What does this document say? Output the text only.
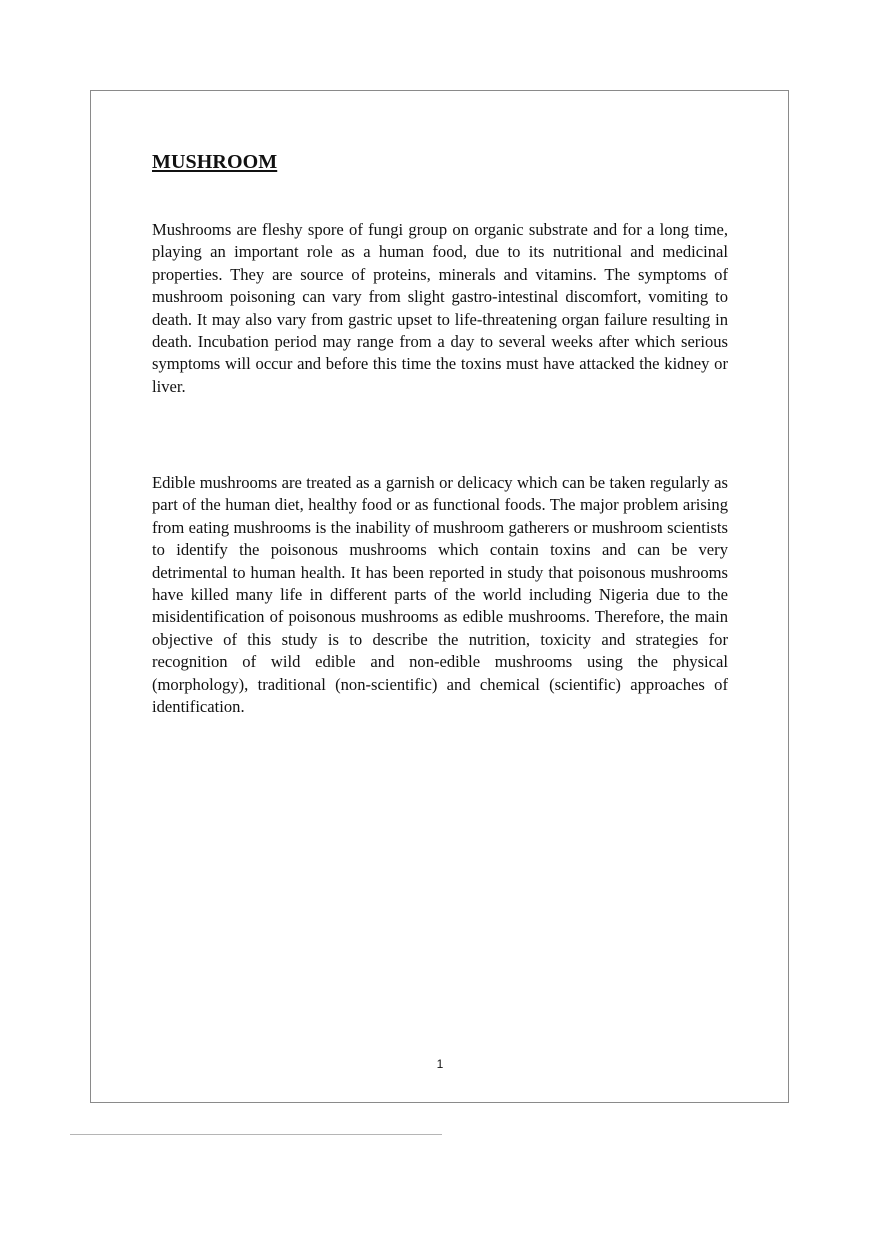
MUSHROOM

Mushrooms are fleshy spore of fungi group on organic substrate and for a long time, playing an important role as a human food, due to its nutritional and medicinal properties. They are source of proteins, minerals and vitamins. The symptoms of mushroom poisoning can vary from slight gastro-intestinal discomfort, vomiting to death. It may also vary from gastric upset to life-threatening organ failure resulting in death. Incubation period may range from a day to several weeks after which serious symptoms will occur and before this time the toxins must have attacked the kidney or liver.

Edible mushrooms are treated as a garnish or delicacy which can be taken regularly as part of the human diet, healthy food or as functional foods. The major problem arising from eating mushrooms is the inability of mushroom gatherers or mushroom scientists to identify the poisonous mushrooms which contain toxins and can be very detrimental to human health. It has been reported in study that poisonous mushrooms have killed many life in different parts of the world including Nigeria due to the misidentification of poisonous mushrooms as edible mushrooms. Therefore, the main objective of this study is to describe the nutrition, toxicity and strategies for recognition of wild edible and non-edible mushrooms using the physical (morphology), traditional (non-scientific) and chemical (scientific) approaches of identification.

1
